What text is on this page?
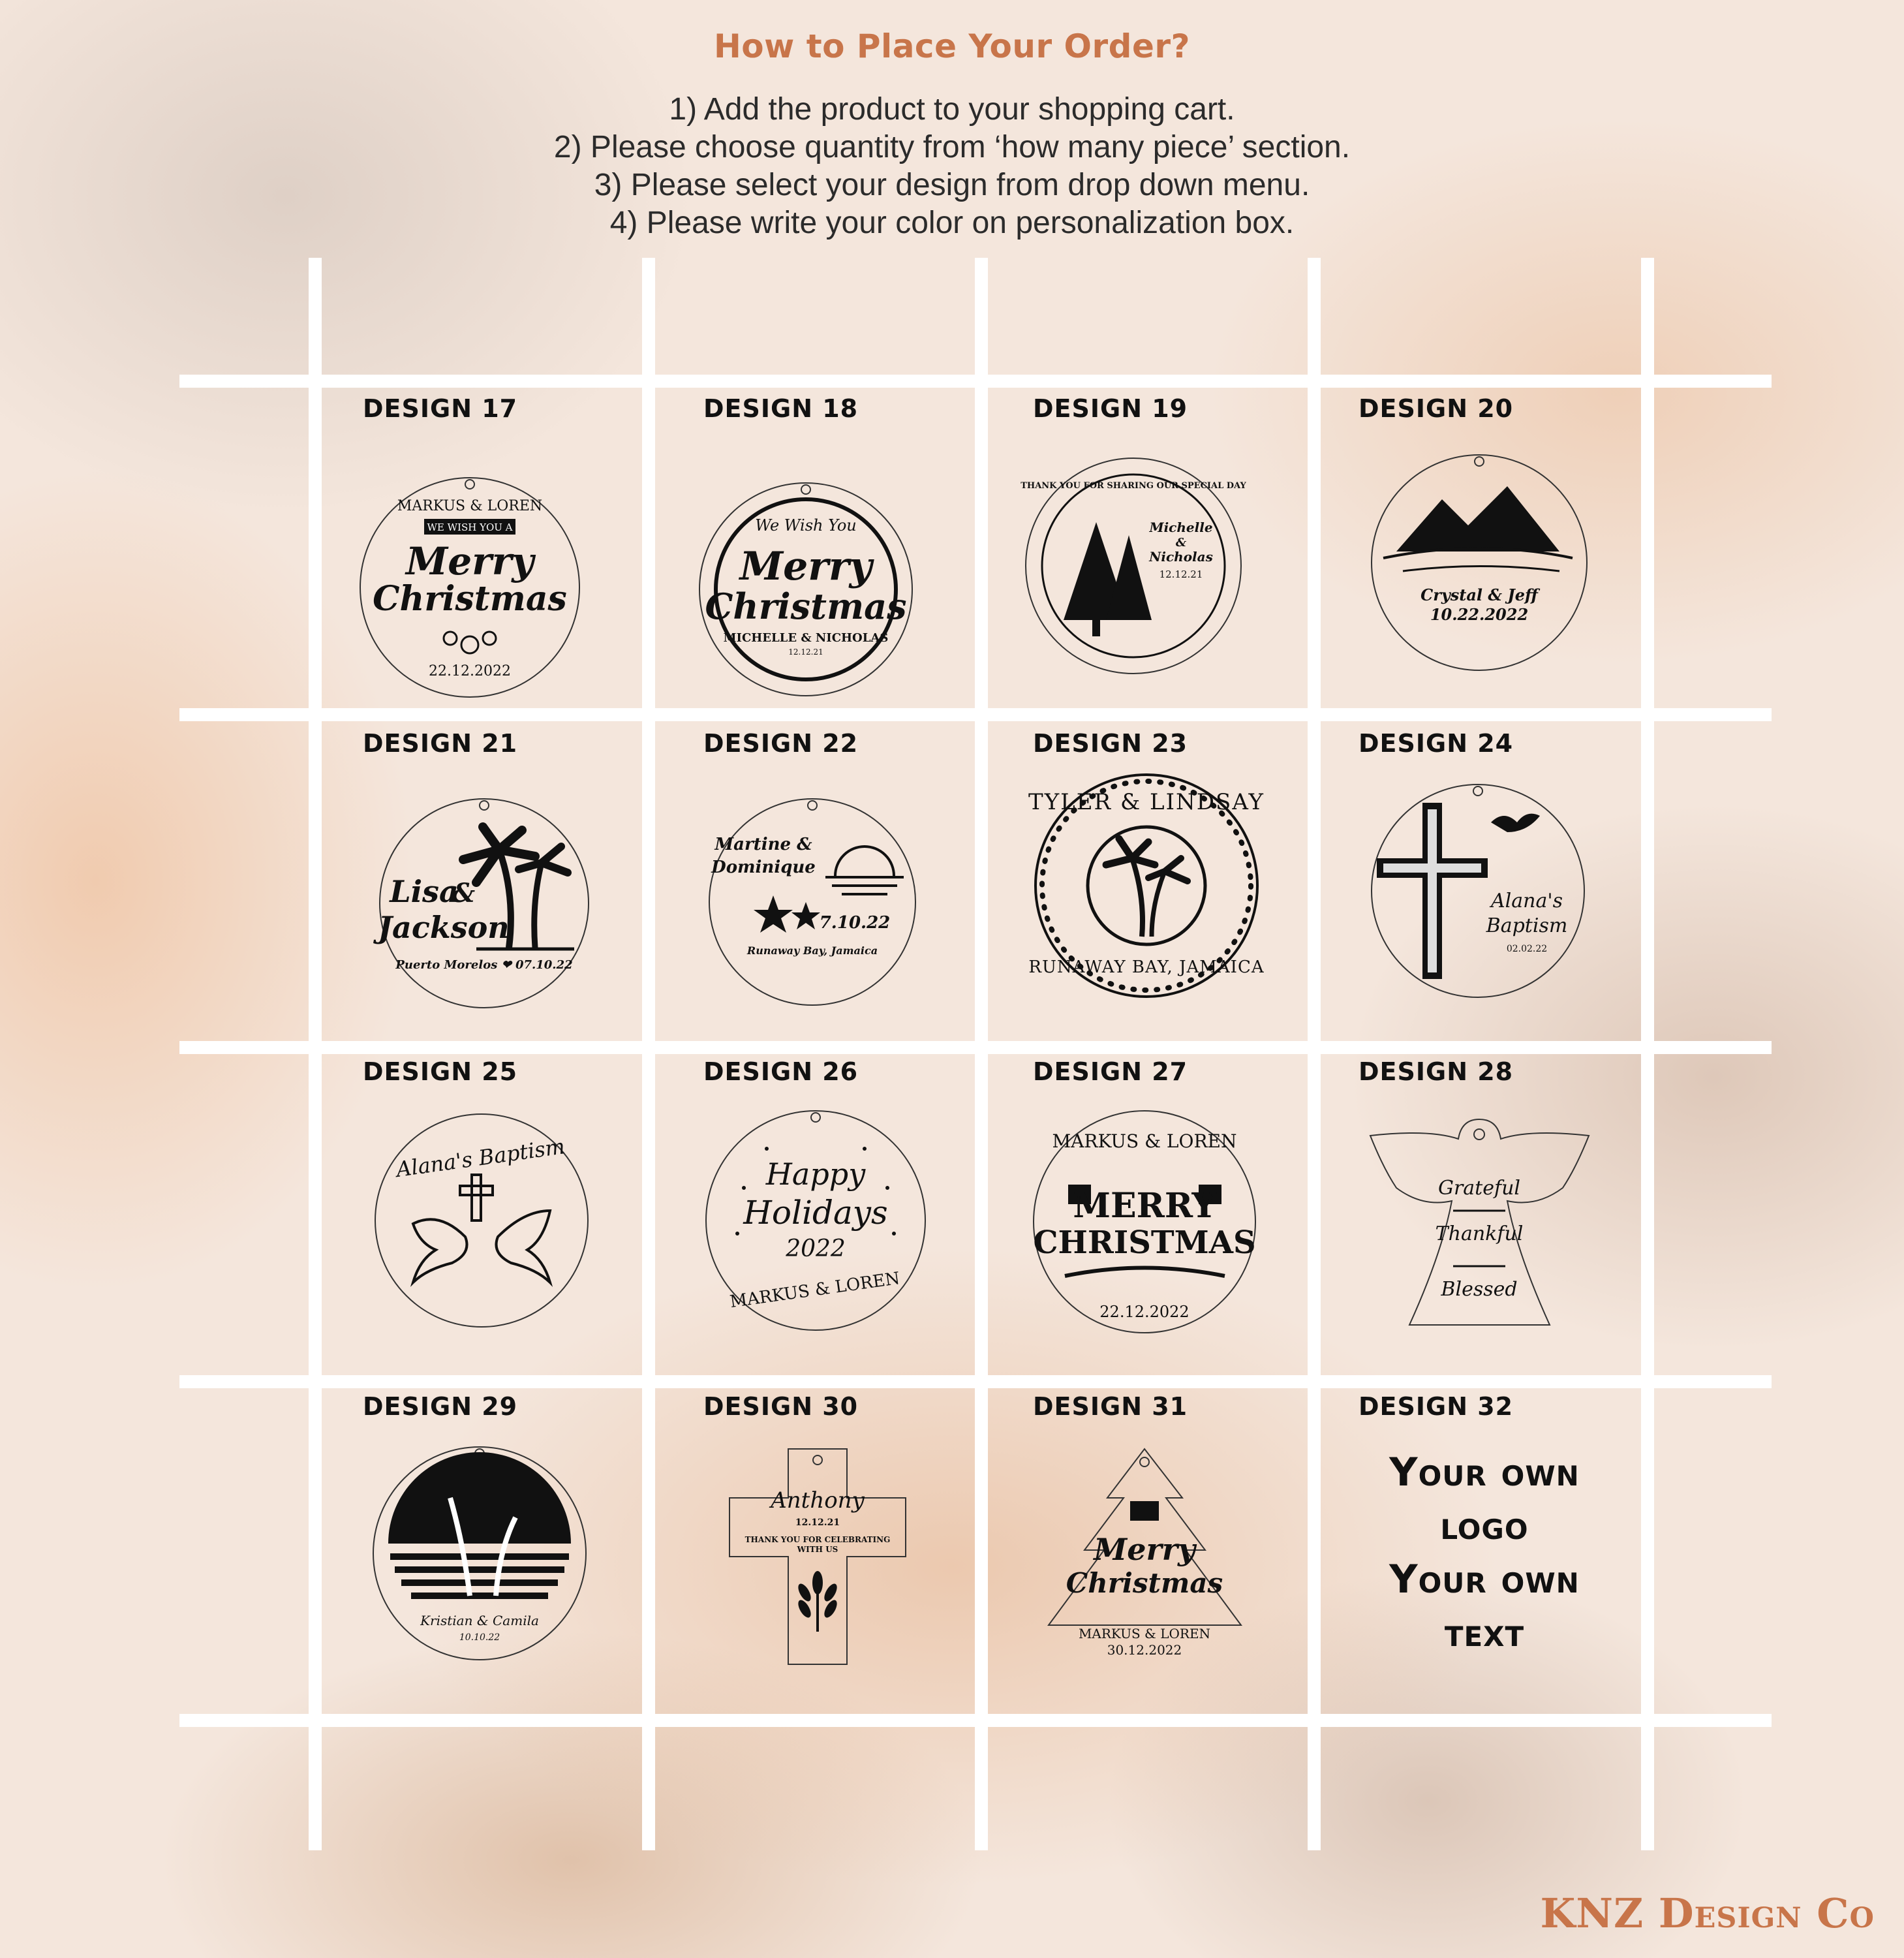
How to Place Your Order?
1) Add the product to your shopping cart.
2) Please choose quantity from ‘how many piece’ section.
3) Please select your design from drop down menu.
4) Please write your color on personalization box.
DESIGN 17	DESIGN 18	DESIGN 19	DESIGN 20
DESIGN 21	DESIGN 22	DESIGN 23	DESIGN 24
DESIGN 25	DESIGN 26	DESIGN 27	DESIGN 28
DESIGN 29	DESIGN 30	DESIGN 31	DESIGN 32
MARKUS & LOREN
WE WISH YOU A
Merry
Christmas
22.12.2022
We Wish You
Merry
Christmas
MICHELLE & NICHOLAS
12.12.21
THANK YOU FOR SHARING OUR SPECIAL DAY
Michelle
&
Nicholas
12.12.21
Crystal & Jeff
10.22.2022
Lisa
&
Jackson
Puerto Morelos ❤ 07.10.22
Martine &
Dominique
7.10.22
Runaway Bay, Jamaica
TYLER & LINDSAY
RUNAWAY BAY, JAMAICA
Alana's
Baptism
02.02.22
Alana's Baptism	Happy
Holidays
2022
MARKUS & LOREN
MARKUS & LOREN
MERRY
CHRISTMAS
22.12.2022
Grateful
Thankful
Blessed
Kristian & Camila
10.10.22
Anthony
12.12.21
THANK YOU FOR CELEBRATING
WITH US	Merry
Christmas
MARKUS & LOREN
30.12.2022
Your own
logo
Your own
text
KNZ Design Co
